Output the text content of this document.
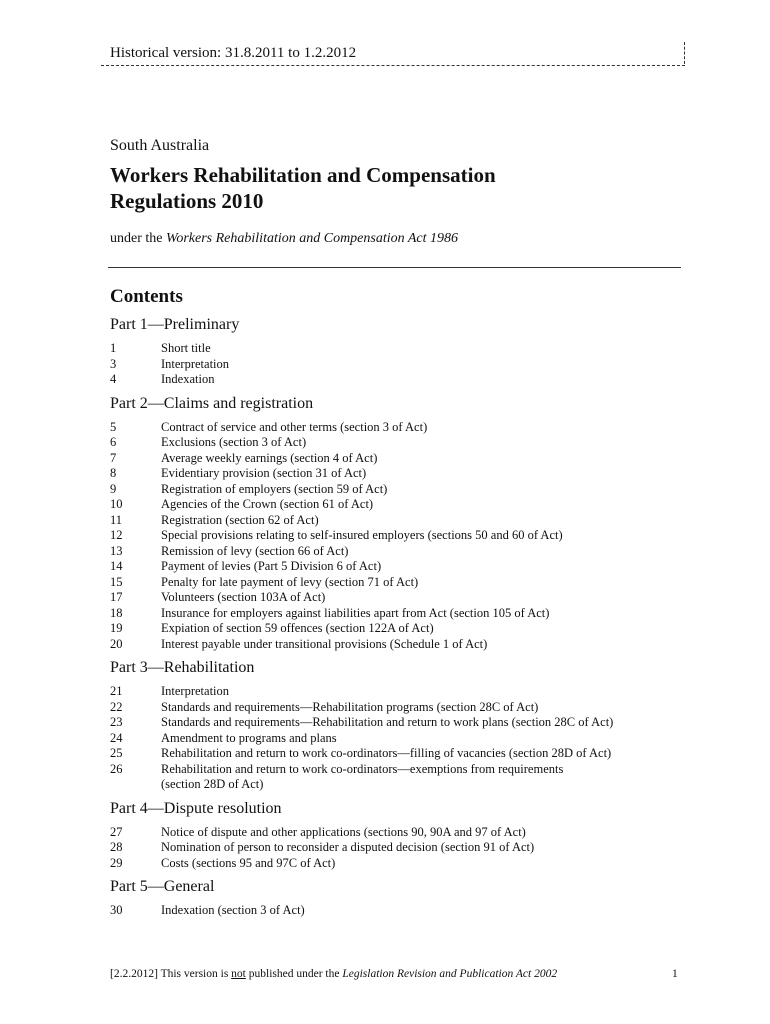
Historical version: 31.8.2011 to 1.2.2012
South Australia
Workers Rehabilitation and Compensation
Regulations 2010
under the Workers Rehabilitation and Compensation Act 1986
Contents
Part 1—Preliminary
1	Short title
3	Interpretation
4	Indexation
Part 2—Claims and registration
5	Contract of service and other terms (section 3 of Act)
6	Exclusions (section 3 of Act)
7	Average weekly earnings (section 4 of Act)
8	Evidentiary provision (section 31 of Act)
9	Registration of employers (section 59 of Act)
10	Agencies of the Crown (section 61 of Act)
11	Registration (section 62 of Act)
12	Special provisions relating to self-insured employers (sections 50 and 60 of Act)
13	Remission of levy (section 66 of Act)
14	Payment of levies (Part 5 Division 6 of Act)
15	Penalty for late payment of levy (section 71 of Act)
17	Volunteers (section 103A of Act)
18	Insurance for employers against liabilities apart from Act (section 105 of Act)
19	Expiation of section 59 offences (section 122A of Act)
20	Interest payable under transitional provisions (Schedule 1 of Act)
Part 3—Rehabilitation
21	Interpretation
22	Standards and requirements—Rehabilitation programs (section 28C of Act)
23	Standards and requirements—Rehabilitation and return to work plans (section 28C of Act)
24	Amendment to programs and plans
25	Rehabilitation and return to work co-ordinators—filling of vacancies (section 28D of Act)
26	Rehabilitation and return to work co-ordinators—exemptions from requirements
(section 28D of Act)
Part 4—Dispute resolution
27	Notice of dispute and other applications (sections 90, 90A and 97 of Act)
28	Nomination of person to reconsider a disputed decision (section 91 of Act)
29	Costs (sections 95 and 97C of Act)
Part 5—General
30	Indexation (section 3 of Act)
[2.2.2012] This version is not published under the Legislation Revision and Publication Act 2002	1
